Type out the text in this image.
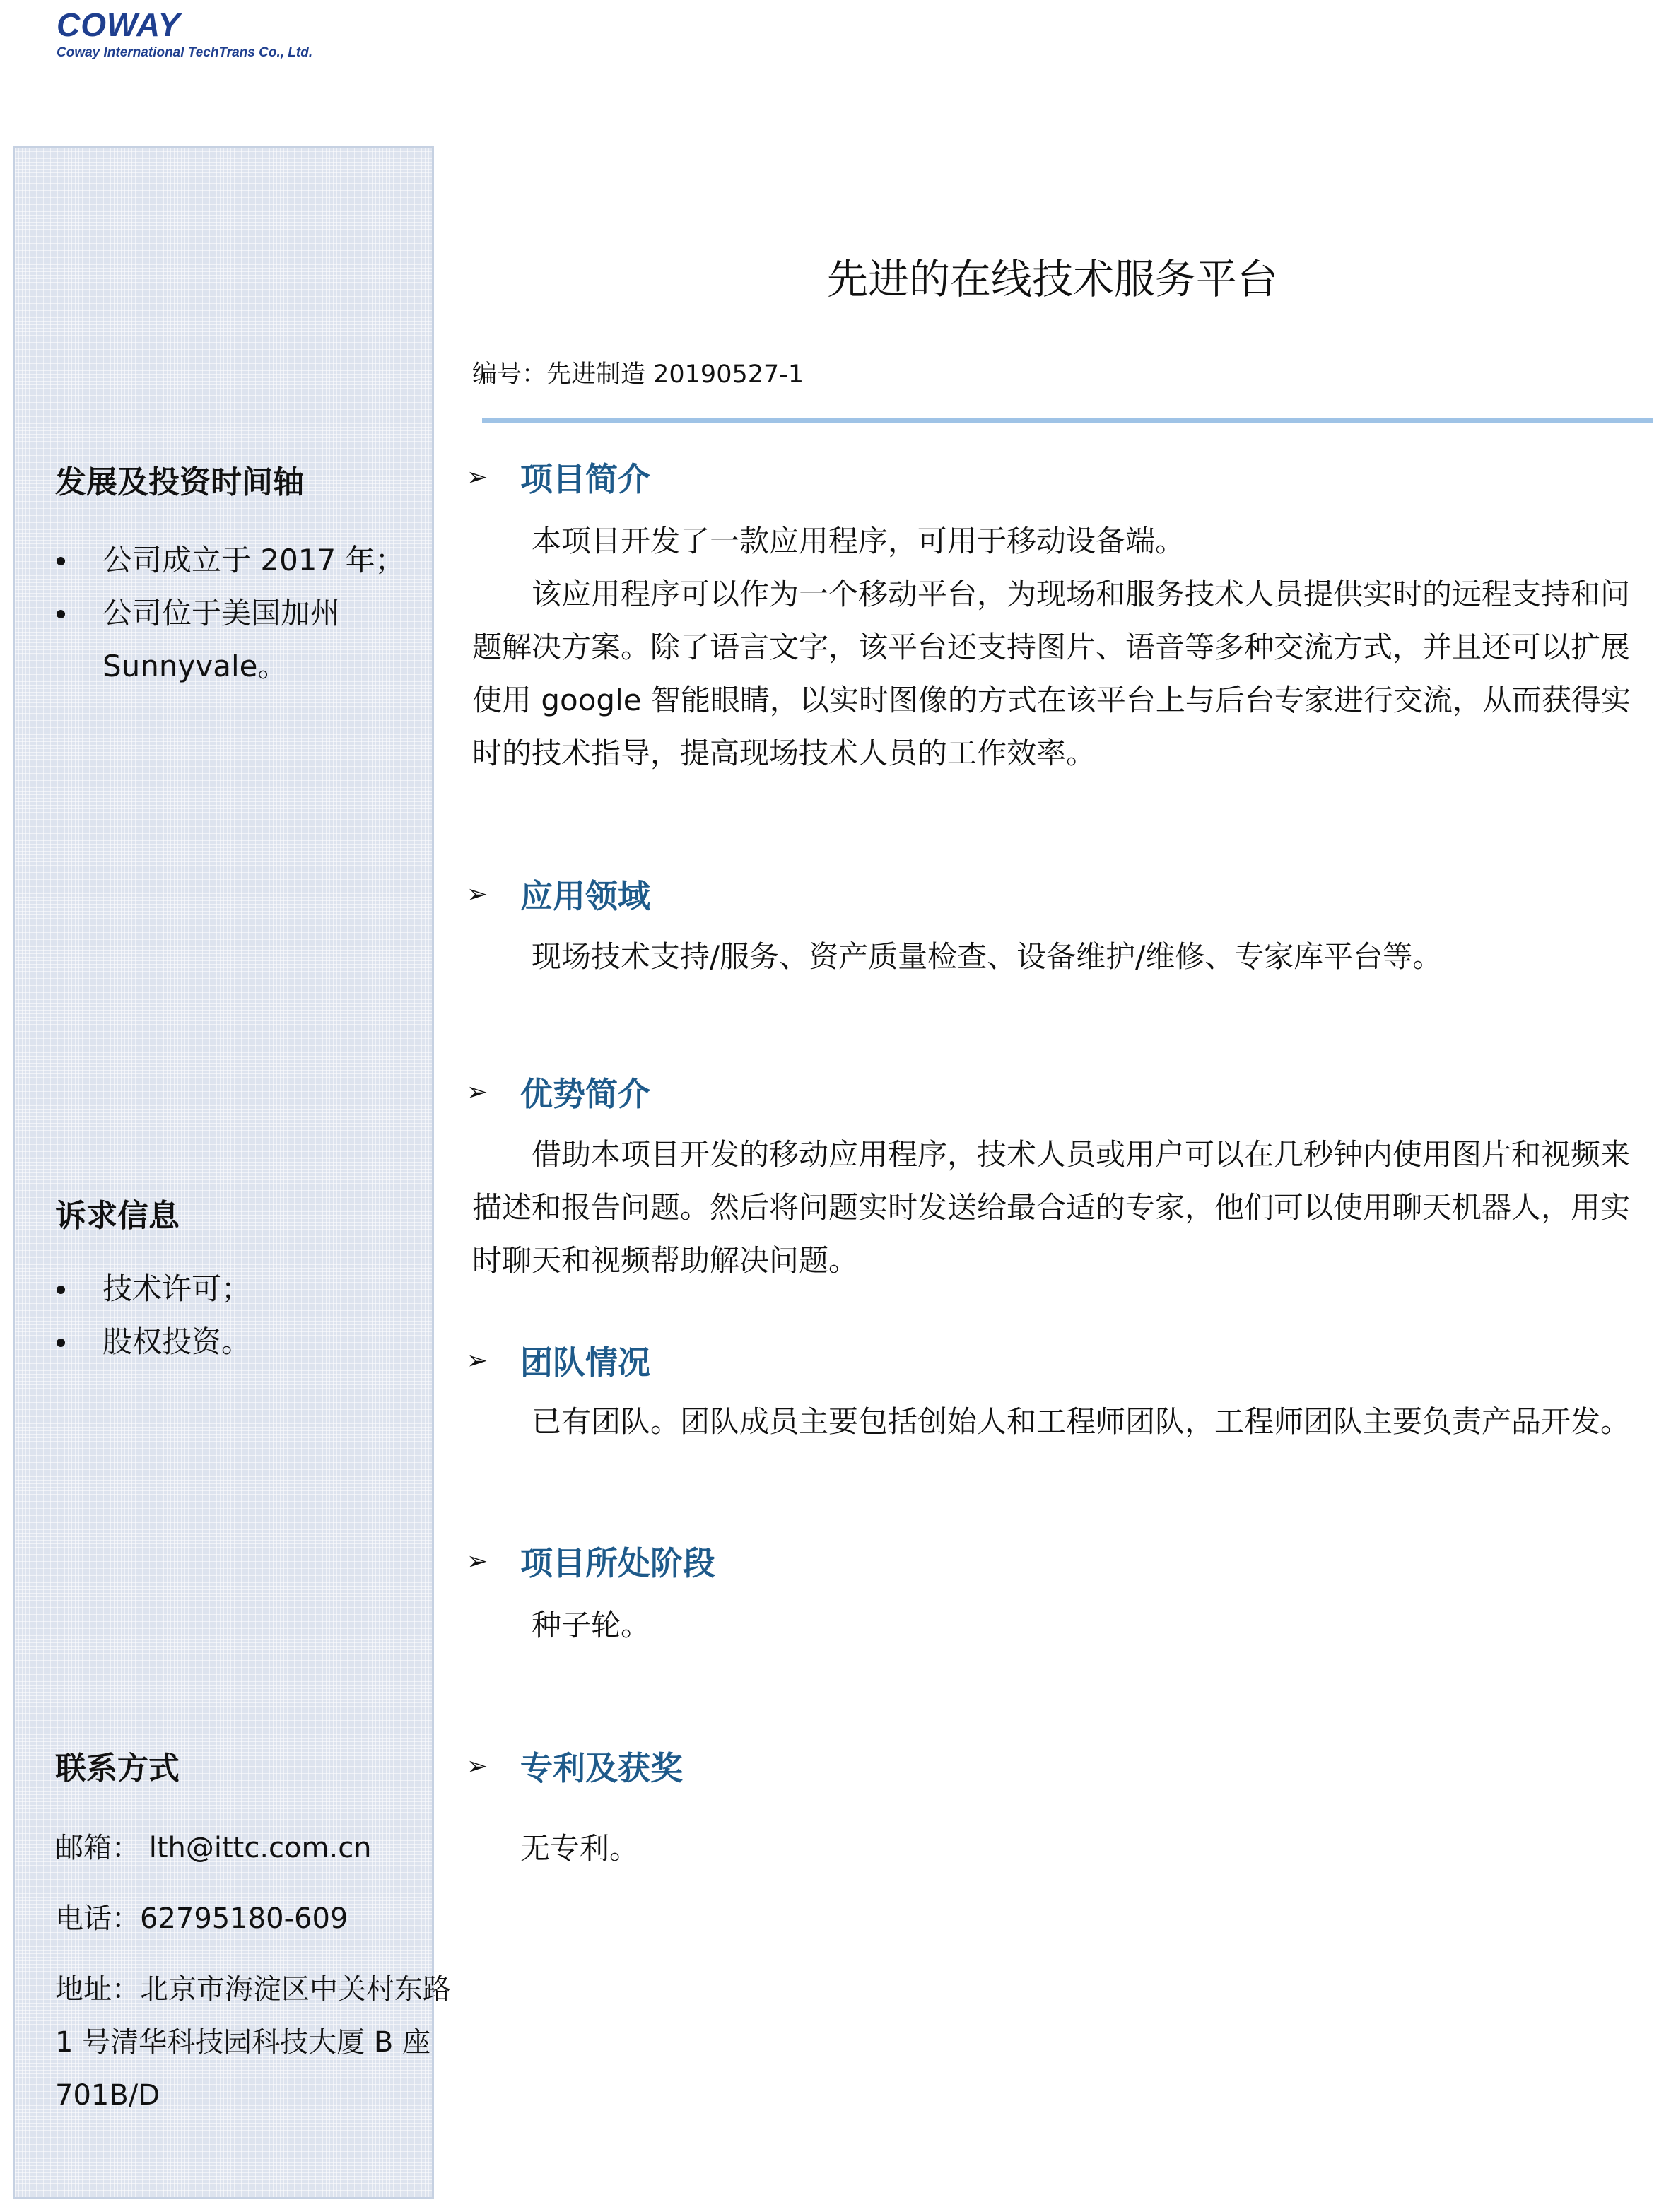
COWAY
Coway International TechTrans Co., Ltd.
发展及投资时间轴
公司成立于 2017 年；
公司位于美国加州 Sunnyvale。
诉求信息
技术许可；
股权投资。
联系方式
邮箱： lth@ittc.com.cn
电话：62795180-609
地址：北京市海淀区中关村东路
1 号清华科技园科技大厦 B 座
701B/D
先进的在线技术服务平台
编号：先进制造 20190527-1
➢ 项目简介

本项目开发了一款应用程序，可用于移动设备端。

该应用程序可以作为一个移动平台，为现场和服务技术人员提供实时的远程支持和问题解决方案。除了语言文字，该平台还支持图片、语音等多种交流方式，并且还可以扩展使用 google 智能眼睛，以实时图像的方式在该平台上与后台专家进行交流，从而获得实时的技术指导，提高现场技术人员的工作效率。

➢ 应用领域

现场技术支持/服务、资产质量检查、设备维护/维修、专家库平台等。

➢ 优势简介

借助本项目开发的移动应用程序，技术人员或用户可以在几秒钟内使用图片和视频来描述和报告问题。然后将问题实时发送给最合适的专家，他们可以使用聊天机器人，用实时聊天和视频帮助解决问题。

➢ 团队情况

已有团队。团队成员主要包括创始人和工程师团队，工程师团队主要负责产品开发。

➢ 项目所处阶段

种子轮。

➢ 专利及获奖

无专利。
